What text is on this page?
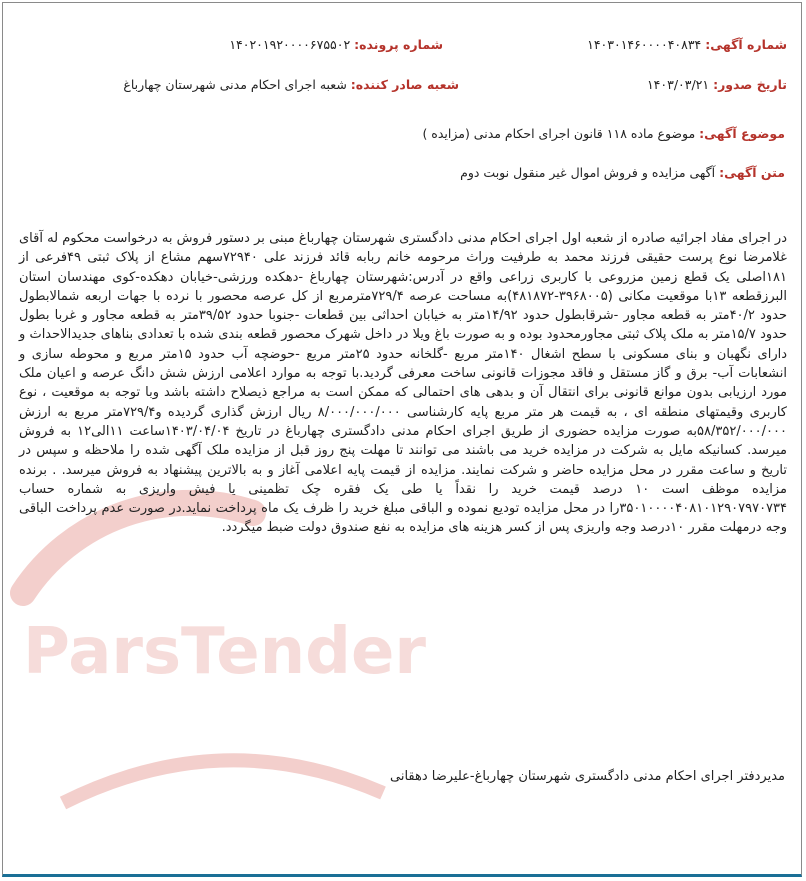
ParsTender
شماره آگهی: ۱۴۰۳۰۱۴۶۰۰۰۰۴۰۸۳۴
شماره پرونده: ۱۴۰۲۰۱۹۲۰۰۰۰۶۷۵۵۰۲
تاریخ صدور: ۱۴۰۳/۰۳/۲۱
شعبه صادر کننده: شعبه اجرای احکام مدنی شهرستان چهارباغ
موضوع آگهی: موضوع ماده ۱۱۸ قانون اجرای احکام مدنی (مزایده )
متن آگهی: آگهی مزایده و فروش اموال غیر منقول نوبت دوم
در اجرای مفاد اجرائیه صادره از شعبه اول اجرای احکام مدنی دادگستری شهرستان چهارباغ مبنی بر دستور فروش به درخواست محکوم له آقای غلامرضا نوع پرست حقیقی فرزند محمد به طرفیت وراث مرحومه خانم ربابه قائد فرزند علی ۷۲۹۴۰سهم مشاع از پلاک ثبتی ۴۹فرعی از ۱۸۱اصلی یک قطع زمین مزروعی با کاربری زراعی واقع در آدرس:شهرستان چهارباغ -دهکده ورزشی-خیابان دهکده-کوی مهندسان استان البرزقطعه ۱۳با موقعیت مکانی (۳۹۶۸۰۰۵-۴۸۱۸۷۲)به مساحت عرصه ۷۲۹/۴مترمربع از کل عرصه محصور با نرده با جهات اربعه شمالابطول حدود ۴۰/۲متر به قطعه مجاور -شرقابطول حدود ۱۴/۹۲متر به خیابان احداثی بین قطعات -جنوبا حدود ۳۹/۵۲متر به قطعه مجاور و غربا بطول حدود ۱۵/۷متر به ملک پلاک ثبتی مجاورمحدود بوده و به صورت باغ ویلا در داخل شهرک محصور قطعه بندی شده با تعدادی بناهای جدیدالاحداث و دارای نگهبان و بنای مسکونی با سطح اشغال ۱۴۰متر مربع -گلخانه حدود ۲۵متر مربع -حوضچه آب حدود ۱۵متر مربع و محوطه سازی و انشعابات آب- برق و گاز مستقل و فاقد مجوزات قانونی ساخت معرفی گردید.با توجه به موارد اعلامی ارزش شش دانگ عرصه و اعیان ملک مورد ارزیابی بدون موانع قانونی برای انتقال آن و بدهی های احتمالی که ممکن است به مراجع ذیصلاح داشته باشد وبا توجه به موقعیت ، نوع کاربری وقیمتهای منطقه ای ، به قیمت هر متر مربع پایه کارشناسی ۸/۰۰۰/۰۰۰/۰۰۰ ریال ارزش گذاری گردیده و۷۲۹/۴متر مربع به ارزش ۵۸/۳۵۲/۰۰۰/۰۰۰به صورت مزایده حضوری از طریق اجرای احکام مدنی دادگستری چهارباغ در تاریخ ۱۴۰۳/۰۴/۰۴ساعت ۱۱الی۱۲ به فروش میرسد. کسانیکه مایل به شرکت در مزایده خرید می باشند می توانند تا مهلت پنج روز قبل از مزایده ملک آگهی شده را ملاحظه و سپس در تاریخ و ساعت مقرر در محل مزایده حاضر و شرکت نمایند. مزایده از قیمت پایه اعلامی آغاز و به بالاترین پیشنهاد به فروش میرسد. . برنده مزایده موظف است ۱۰ درصد قیمت خرید را نقداً یا طی یک فقره چک تظمینی یا فیش واریزی به شماره حساب ۳۵۰۱۰۰۰۰۴۰۸۱۰۱۲۹۰۷۹۷۰۷۳۴را در محل مزایده تودیع نموده و الباقی مبلغ خرید را ظرف یک ماه پرداخت نماید.در صورت عدم پرداخت الباقی وجه درمهلت مقرر ۱۰درصد وجه واریزی پس از کسر هزینه های مزایده به نفع صندوق دولت ضبط میگردد.
مدیردفتر اجرای احکام مدنی دادگستری شهرستان چهارباغ-علیرضا دهقانی
